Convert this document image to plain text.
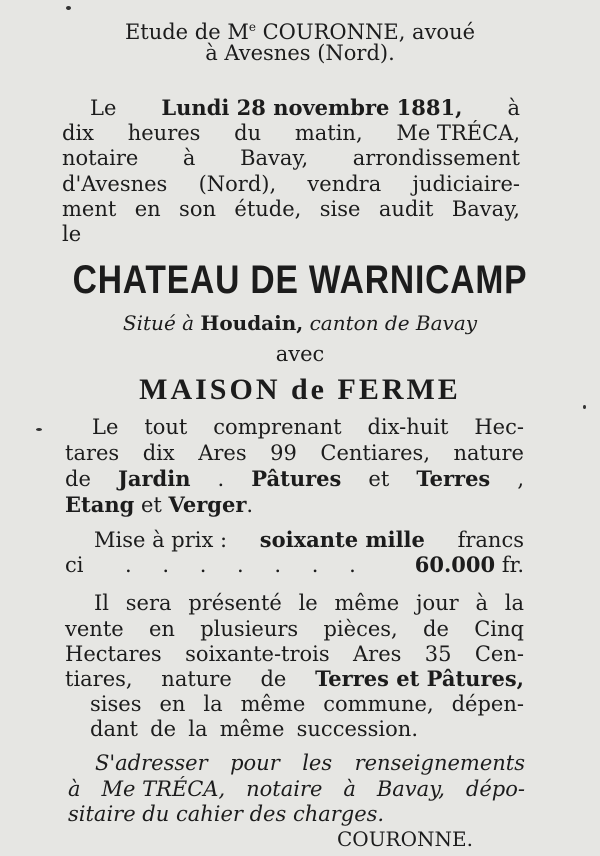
Etude de Me COURONNE, avoué
à Avesnes (Nord).
Le Lundi 28 novembre 1881, à
dix heures du matin, Me TRÉCA,
notaire à Bavay, arrondissement
d'Avesnes (Nord), vendra judiciaire-
ment en son étude, sise audit Bavay,
le
CHATEAU DE WARNICAMP
Situé à Houdain, canton de Bavay
avec
MAISON de FERME
Le tout comprenant dix-huit Hec-
tares dix Ares 99 Centiares, nature
de Jardin . Pâtures et Terres ,
Etang et Verger.
Mise à prix : soixante mille francs
ci . . . . . . . 60.000 fr.
Il sera présenté le même jour à la
vente en plusieurs pièces, de Cinq
Hectares soixante-trois Ares 35 Cen-
tiares, nature de Terres et Pâtures,
sises en la même commune, dépen-
dant de la même succession.
S'adresser pour les renseignements
à Me TRÉCA, notaire à Bavay, dépo-
sitaire du cahier des charges.
COURONNE.
